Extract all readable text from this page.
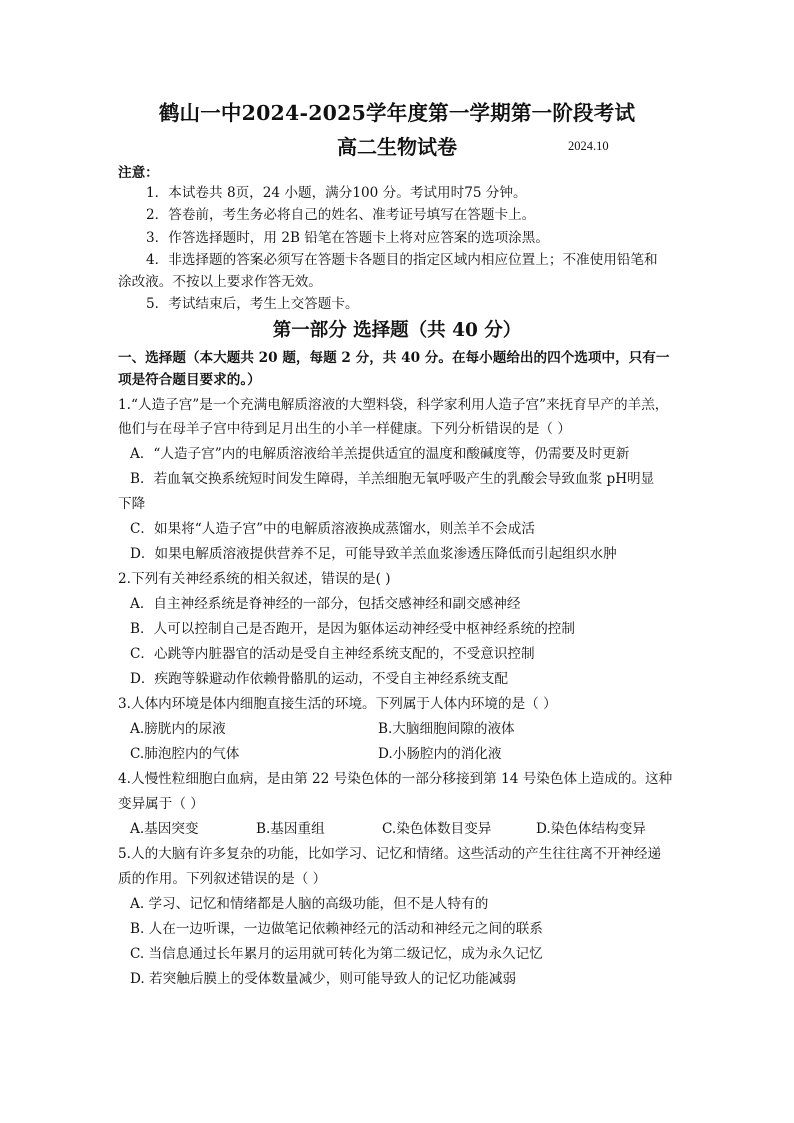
鹤山一中2024-2025学年度第一学期第一阶段考试
高二生物试卷	2024.10
注意：
1．本试卷共 8页，24 小题，满分100 分。考试用时75 分钟。
2．答卷前，考生务必将自己的姓名、准考证号填写在答题卡上。
3．作答选择题时，用 2B 铅笔在答题卡上将对应答案的选项涂黑。
4．非选择题的答案必须写在答题卡各题目的指定区域内相应位置上；不准使用铅笔和
涂改液。不按以上要求作答无效。
5．考试结束后，考生上交答题卡。
第一部分 选择题（共 40 分）
一、选择题（本大题共 20 题，每题 2 分，共 40 分。在每小题给出的四个选项中，只有一
项是符合题目要求的。）
1.“人造子宫”是一个充满电解质溶液的大塑料袋，科学家利用人造子宫”来抚育早产的羊羔，
他们与在母羊子宫中待到足月出生的小羊一样健康。下列分析错误的是（ ）
A．“人造子宫”内的电解质溶液给羊羔提供适宜的温度和酸碱度等，仍需要及时更新
B．若血氧交换系统短时间发生障碍，羊羔细胞无氧呼吸产生的乳酸会导致血浆 pH明显
下降
C．如果将“人造子宫”中的电解质溶液换成蒸馏水，则羔羊不会成活
D．如果电解质溶液提供营养不足，可能导致羊羔血浆渗透压降低而引起组织水肿
2.下列有关神经系统的相关叙述，错误的是( )
A．自主神经系统是脊神经的一部分，包括交感神经和副交感神经
B．人可以控制自己是否跑开，是因为躯体运动神经受中枢神经系统的控制
C．心跳等内脏器官的活动是受自主神经系统支配的，不受意识控制
D．疾跑等躲避动作依赖骨骼肌的运动，不受自主神经系统支配
3.人体内环境是体内细胞直接生活的环境。下列属于人体内环境的是（ ）
A.膀胱内的尿液	B.大脑细胞间隙的液体
C.肺泡腔内的气体	D.小肠腔内的消化液
4.人慢性粒细胞白血病，是由第 22 号染色体的一部分移接到第 14 号染色体上造成的。这种
变异属于（ ）
A.基因突变	B.基因重组	C.染色体数目变异	D.染色体结构变异
5.人的大脑有许多复杂的功能，比如学习、记忆和情绪。这些活动的产生往往离不开神经递
质的作用。下列叙述错误的是（ ）
A. 学习、记忆和情绪都是人脑的高级功能，但不是人特有的
B. 人在一边听课，一边做笔记依赖神经元的活动和神经元之间的联系
C. 当信息通过长年累月的运用就可转化为第二级记忆，成为永久记忆
D. 若突触后膜上的受体数量减少，则可能导致人的记忆功能减弱
